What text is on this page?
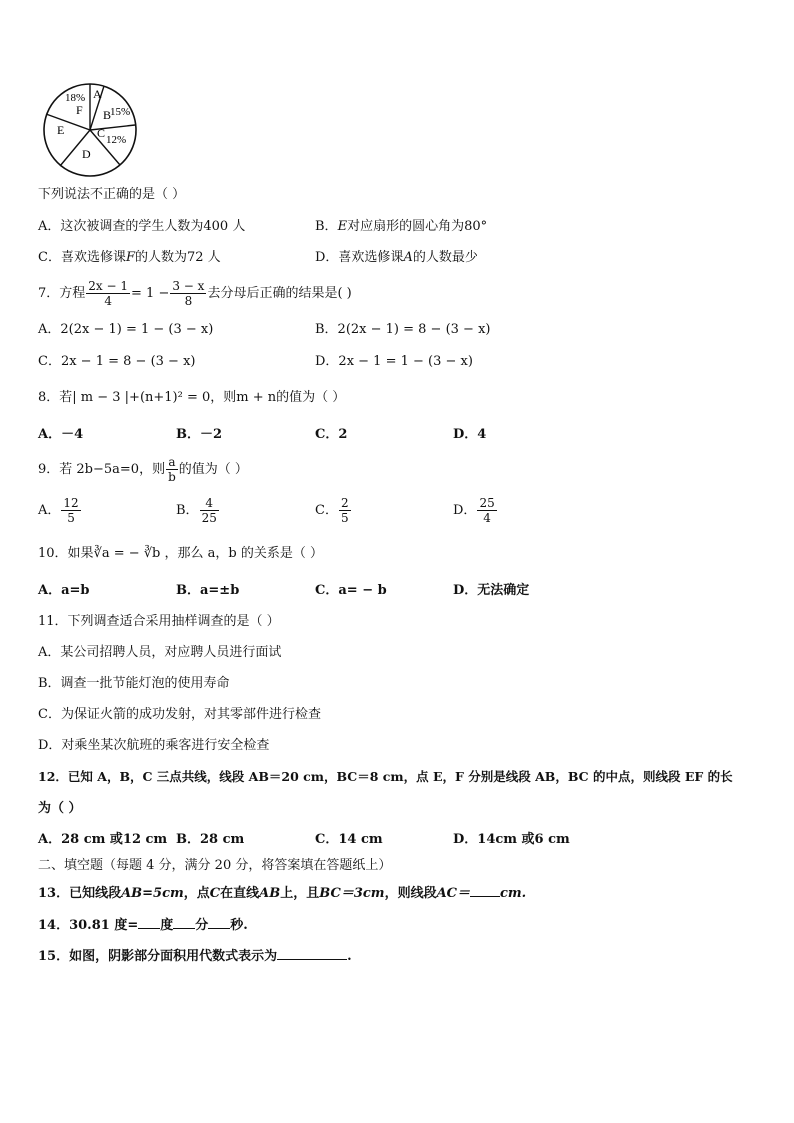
A
B
15%
C 12%
D
E
F
18%
下列说法不正确的是（ ）
A．这次被调查的学生人数为400 人	B．E对应扇形的圆心角为80°
C．喜欢选修课F的人数为72 人	D．喜欢选修课A的人数最少
7．方程 $\frac{2x - 1}{4} = 1 - \frac{3 - x}{8}$ 去分母后正确的结果是( )
A．2(2x − 1) = 1 − (3 − x)	B．2(2x − 1) = 8 − (3 − x)
C．2x − 1 = 8 − (3 − x)	D．2x − 1 = 1 − (3 − x)
8．若| m − 3 |+(n+1)² = 0，则m + n的值为（ ）
A．－4	B．－2	C．2	D．4
9．若 2b−5a=0，则 $\frac{a}{b}$ 的值为（ ）
A． $\frac{12}{5}$	B． $\frac{4}{25}$	C． $\frac{2}{5}$	D． $\frac{25}{4}$
10．如果∛a = − ∛b ，那么 a，b 的关系是（ ）
A．a=b	B．a=±b	C．a= − b	D．无法确定
11．下列调查适合采用抽样调查的是（ ）
A．某公司招聘人员，对应聘人员进行面试
B．调查一批节能灯泡的使用寿命
C．为保证火箭的成功发射，对其零部件进行检查
D．对乘坐某次航班的乘客进行安全检查
12．已知 A，B，C 三点共线，线段 AB＝20 cm，BC＝8 cm，点 E，F 分别是线段 AB，BC 的中点，则线段 EF 的长
为（ ）
A．28 cm 或12 cm B．28 cm	C．14 cm	D．14cm 或6 cm
二、填空题（每题 4 分，满分 20 分，将答案填在答题纸上）
13．已知线段AB=5cm，点C在直线AB上，且BC＝3cm，则线段AC＝ cm.
14．30.81 度= 度 分 秒.
15．如图，阴影部分面积用代数式表示为	.
